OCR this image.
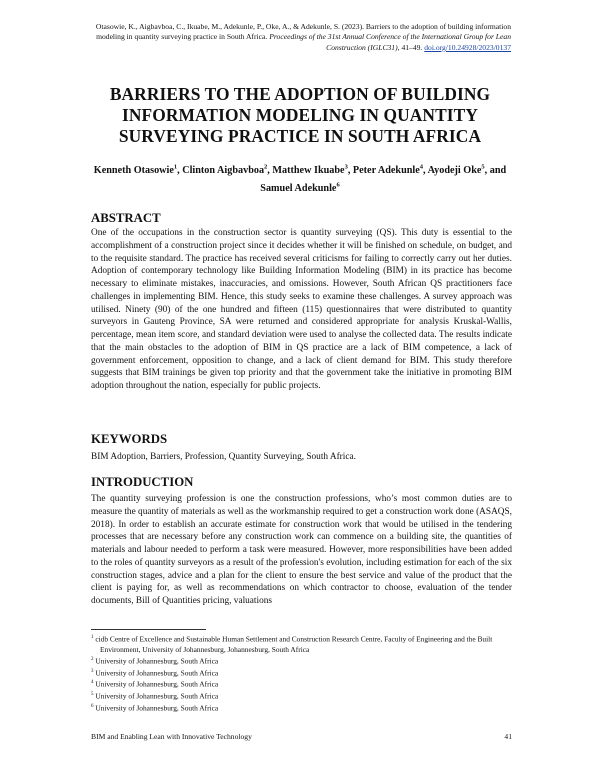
Otasowie, K., Aigbavboa, C., Ikuabe, M., Adekunle, P., Oke, A., & Adekunle, S. (2023). Barriers to the adoption of building information modeling in quantity surveying practice in South Africa. Proceedings of the 31st Annual Conference of the International Group for Lean Construction (IGLC31), 41–49. doi.org/10.24928/2023/0137
BARRIERS TO THE ADOPTION OF BUILDING INFORMATION MODELING IN QUANTITY SURVEYING PRACTICE IN SOUTH AFRICA
Kenneth Otasowie$^1$, Clinton Aigbavboa$^2$, Matthew Ikuabe$^3$, Peter Adekunle$^4$, Ayodeji Oke$^5$, and Samuel Adekunle$^6$
ABSTRACT

One of the occupations in the construction sector is quantity surveying (QS). This duty is essential to the accomplishment of a construction project since it decides whether it will be finished on schedule, on budget, and to the requisite standard. The practice has received several criticisms for failing to correctly carry out her duties. Adoption of contemporary technology like Building Information Modeling (BIM) in its practice has become necessary to eliminate mistakes, inaccuracies, and omissions. However, South African QS practitioners face challenges in implementing BIM. Hence, this study seeks to examine these challenges. A survey approach was utilised. Ninety (90) of the one hundred and fifteen (115) questionnaires that were distributed to quantity surveyors in Gauteng Province, SA were returned and considered appropriate for analysis Kruskal-Wallis, percentage, mean item score, and standard deviation were used to analyse the collected data. The results indicate that the main obstacles to the adoption of BIM in QS practice are a lack of BIM competence, a lack of government enforcement, opposition to change, and a lack of client demand for BIM. This study therefore suggests that BIM trainings be given top priority and that the government take the initiative in promoting BIM adoption throughout the nation, especially for public projects.

KEYWORDS

BIM Adoption, Barriers, Profession, Quantity Surveying, South Africa.

INTRODUCTION

The quantity surveying profession is one the construction professions, who’s most common duties are to measure the quantity of materials as well as the workmanship required to get a construction work done (ASAQS, 2018). In order to establish an accurate estimate for construction work that would be utilised in the tendering processes that are necessary before any construction work can commence on a building site, the quantities of materials and labour needed to perform a task were measured. However, more responsibilities have been added to the roles of quantity surveyors as a result of the profession's evolution, including estimation for each of the six construction stages, advice and a plan for the client to ensure the best service and value of the product that the client is paying for, as well as recommendations on which contractor to choose, evaluation of the tender documents, Bill of Quantities pricing, valuations

$^1$ cidb Centre of Excellence and Sustainable Human Settlement and Construction Research Centre, Faculty of Engineering and the Built Environment, University of Johannesburg, Johannesburg, South Africa
$^2$ University of Johannesburg, South Africa
$^3$ University of Johannesburg, South Africa
$^4$ University of Johannesburg, South Africa
$^5$ University of Johannesburg, South Africa
$^6$ University of Johannesburg, South Africa
BIM and Enabling Lean with Innovative Technology	41
